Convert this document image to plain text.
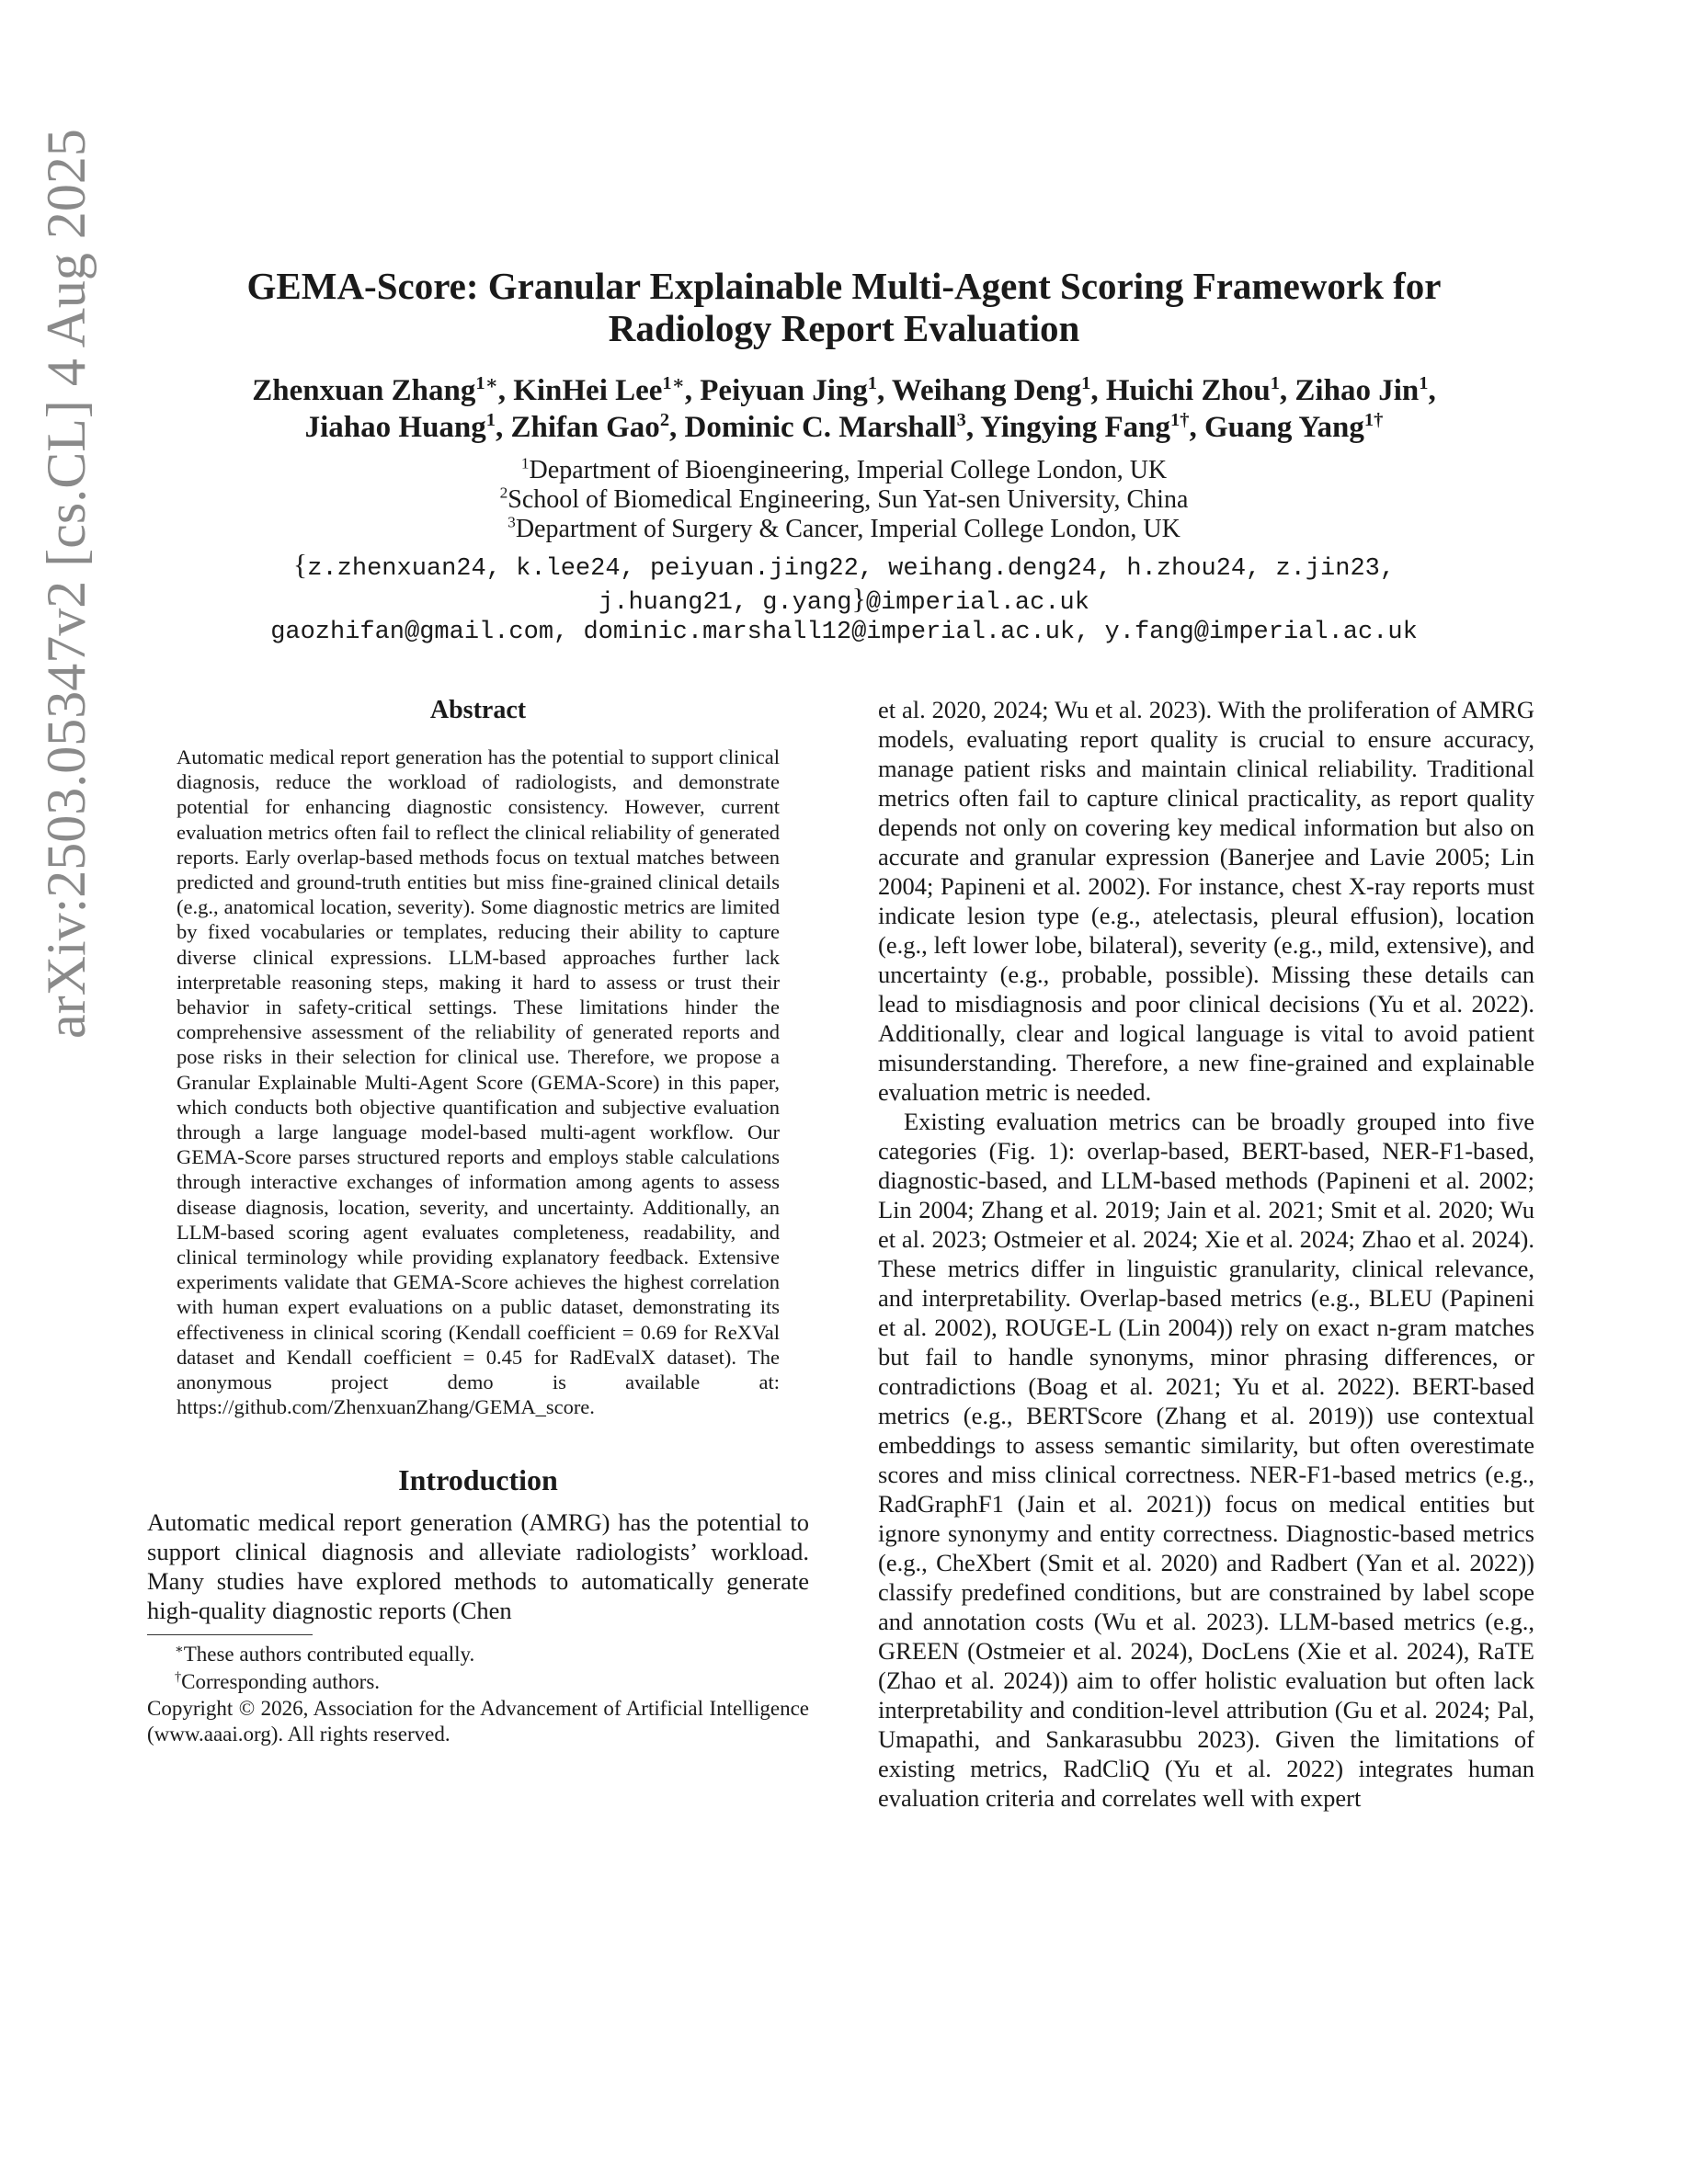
arXiv:2503.05347v2 [cs.CL] 4 Aug 2025	GEMA-Score: Granular Explainable Multi-Agent Scoring Framework for
Radiology Report Evaluation
Zhenxuan Zhang$^{1∗}$, KinHei Lee$^{1∗}$, Peiyuan Jing$^1$, Weihang Deng$^1$, Huichi Zhou$^1$, Zihao Jin$^1$,
Jiahao Huang$^1$, Zhifan Gao$^2$, Dominic C. Marshall$^3$, Yingying Fang$^{1\dagger}$, Guang Yang$^{1\dagger}$
$^1$Department of Bioengineering, Imperial College London, UK
$^2$School of Biomedical Engineering, Sun Yat-sen University, China
$^3$Department of Surgery & Cancer, Imperial College London, UK
{z.zhenxuan24, k.lee24, peiyuan.jing22, weihang.deng24, h.zhou24, z.jin23,
j.huang21, g.yang}@imperial.ac.uk
gaozhifan@gmail.com, dominic.marshall12@imperial.ac.uk, y.fang@imperial.ac.uk
Abstract
Automatic medical report generation has the potential to support clinical diagnosis, reduce the workload of radiologists, and demonstrate potential for enhancing diagnostic consistency. However, current evaluation metrics often fail to reflect the clinical reliability of generated reports. Early overlap-based methods focus on textual matches between predicted and ground-truth entities but miss fine-grained clinical details (e.g., anatomical location, severity). Some diagnostic metrics are limited by fixed vocabularies or templates, reducing their ability to capture diverse clinical expressions. LLM-based approaches further lack interpretable reasoning steps, making it hard to assess or trust their behavior in safety-critical settings. These limitations hinder the comprehensive assessment of the reliability of generated reports and pose risks in their selection for clinical use. Therefore, we propose a Granular Explainable Multi-Agent Score (GEMA-Score) in this paper, which conducts both objective quantification and subjective evaluation through a large language model-based multi-agent workflow. Our GEMA-Score parses structured reports and employs stable calculations through interactive exchanges of information among agents to assess disease diagnosis, location, severity, and uncertainty. Additionally, an LLM-based scoring agent evaluates completeness, readability, and clinical terminology while providing explanatory feedback. Extensive experiments validate that GEMA-Score achieves the highest correlation with human expert evaluations on a public dataset, demonstrating its effectiveness in clinical scoring (Kendall coefficient = 0.69 for ReXVal dataset and Kendall coefficient = 0.45 for RadEvalX dataset). The anonymous project demo is available at: https://github.com/ZhenxuanZhang/GEMA_score.
Introduction

Automatic medical report generation (AMRG) has the potential to support clinical diagnosis and alleviate radiologists’ workload. Many studies have explored methods to automatically generate high-quality diagnostic reports (Chen

∗These authors contributed equally.

†Corresponding authors.

Copyright © 2026, Association for the Advancement of Artificial Intelligence (www.aaai.org). All rights reserved.

et al. 2020, 2024; Wu et al. 2023). With the proliferation of AMRG models, evaluating report quality is crucial to ensure accuracy, manage patient risks and maintain clinical reliability. Traditional metrics often fail to capture clinical practicality, as report quality depends not only on covering key medical information but also on accurate and granular expression (Banerjee and Lavie 2005; Lin 2004; Papineni et al. 2002). For instance, chest X-ray reports must indicate lesion type (e.g., atelectasis, pleural effusion), location (e.g., left lower lobe, bilateral), severity (e.g., mild, extensive), and uncertainty (e.g., probable, possible). Missing these details can lead to misdiagnosis and poor clinical decisions (Yu et al. 2022). Additionally, clear and logical language is vital to avoid patient misunderstanding. Therefore, a new fine-grained and explainable evaluation metric is needed.

Existing evaluation metrics can be broadly grouped into five categories (Fig. 1): overlap-based, BERT-based, NER-F1-based, diagnostic-based, and LLM-based methods (Papineni et al. 2002; Lin 2004; Zhang et al. 2019; Jain et al. 2021; Smit et al. 2020; Wu et al. 2023; Ostmeier et al. 2024; Xie et al. 2024; Zhao et al. 2024). These metrics differ in linguistic granularity, clinical relevance, and interpretability. Overlap-based metrics (e.g., BLEU (Papineni et al. 2002), ROUGE-L (Lin 2004)) rely on exact n-gram matches but fail to handle synonyms, minor phrasing differences, or contradictions (Boag et al. 2021; Yu et al. 2022). BERT-based metrics (e.g., BERTScore (Zhang et al. 2019)) use contextual embeddings to assess semantic similarity, but often overestimate scores and miss clinical correctness. NER-F1-based metrics (e.g., RadGraphF1 (Jain et al. 2021)) focus on medical entities but ignore synonymy and entity correctness. Diagnostic-based metrics (e.g., CheXbert (Smit et al. 2020) and Radbert (Yan et al. 2022)) classify predefined conditions, but are constrained by label scope and annotation costs (Wu et al. 2023). LLM-based metrics (e.g., GREEN (Ostmeier et al. 2024), DocLens (Xie et al. 2024), RaTE (Zhao et al. 2024)) aim to offer holistic evaluation but often lack interpretability and condition-level attribution (Gu et al. 2024; Pal, Umapathi, and Sankarasubbu 2023). Given the limitations of existing metrics, RadCliQ (Yu et al. 2022) integrates human evaluation criteria and correlates well with expert
